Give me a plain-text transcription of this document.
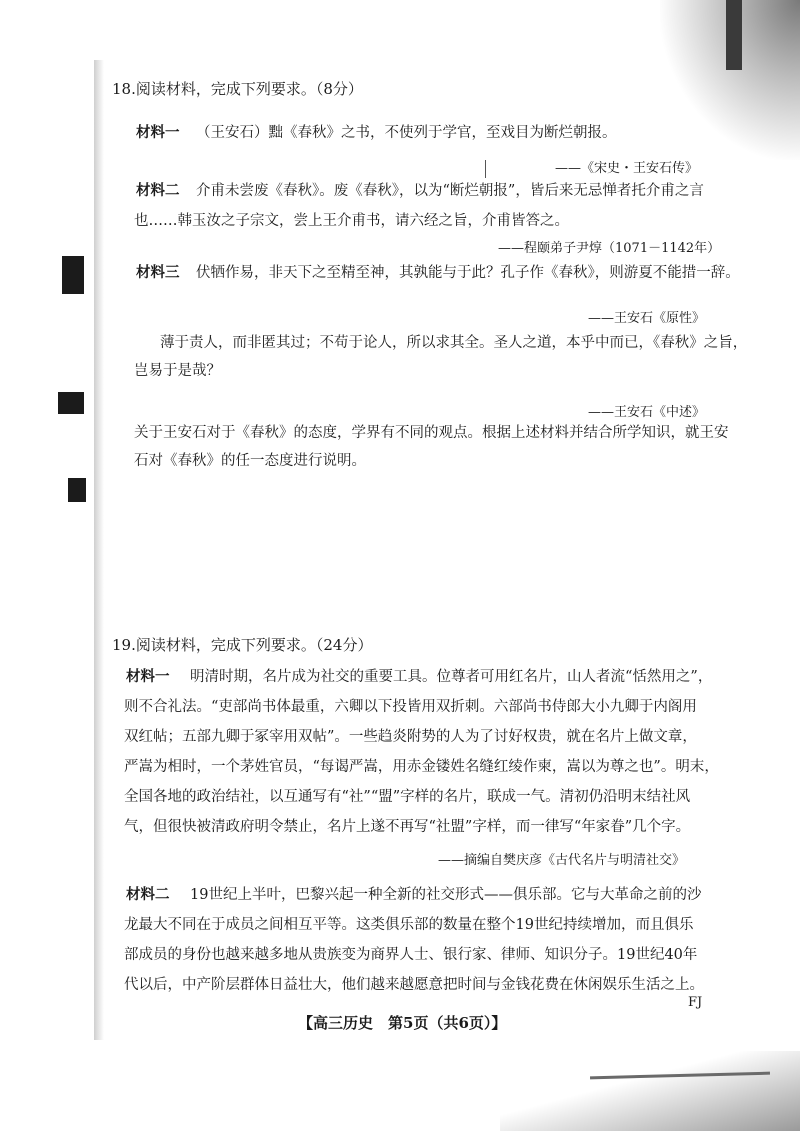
18.阅读材料，完成下列要求。（8分）
材料一 （王安石）黜《春秋》之书，不使列于学官，至戏目为断烂朝报。
——《宋史・王安石传》
材料二 介甫未尝废《春秋》。废《春秋》，以为“断烂朝报”，皆后来无忌惮者托介甫之言
也……韩玉汝之子宗文，尝上王介甫书，请六经之旨，介甫皆答之。
——程颐弟子尹焞（1071－1142年）
材料三 伏牺作易，非天下之至精至神，其孰能与于此？孔子作《春秋》，则游夏不能措一辞。
——王安石《原性》
薄于责人，而非匿其过；不苟于论人，所以求其全。圣人之道，本乎中而已，《春秋》之旨，
岂易于是哉？
——王安石《中述》
关于王安石对于《春秋》的态度，学界有不同的观点。根据上述材料并结合所学知识，就王安
石对《春秋》的任一态度进行说明。
19.阅读材料，完成下列要求。（24分）
材料一 明清时期，名片成为社交的重要工具。位尊者可用红名片，山人者流“恬然用之”，
则不合礼法。“吏部尚书体最重，六卿以下投皆用双折刺。六部尚书侍郎大小九卿于内阁用
双红帖；五部九卿于冢宰用双帖”。一些趋炎附势的人为了讨好权贵，就在名片上做文章，
严嵩为相时，一个茅姓官员，“每谒严嵩，用赤金镂姓名缝红绫作柬，嵩以为尊之也”。明末，
全国各地的政治结社，以互通写有“社”“盟”字样的名片，联成一气。清初仍沿明末结社风
气，但很快被清政府明令禁止，名片上遂不再写“社盟”字样，而一律写“年家眷”几个字。
——摘编自樊庆彦《古代名片与明清社交》
材料二 19世纪上半叶，巴黎兴起一种全新的社交形式——俱乐部。它与大革命之前的沙
龙最大不同在于成员之间相互平等。这类俱乐部的数量在整个19世纪持续增加，而且俱乐
部成员的身份也越来越多地从贵族变为商界人士、银行家、律师、知识分子。19世纪40年
代以后，中产阶层群体日益壮大，他们越来越愿意把时间与金钱花费在休闲娱乐生活之上。
【高三历史　第5页（共6页）】
FJ
